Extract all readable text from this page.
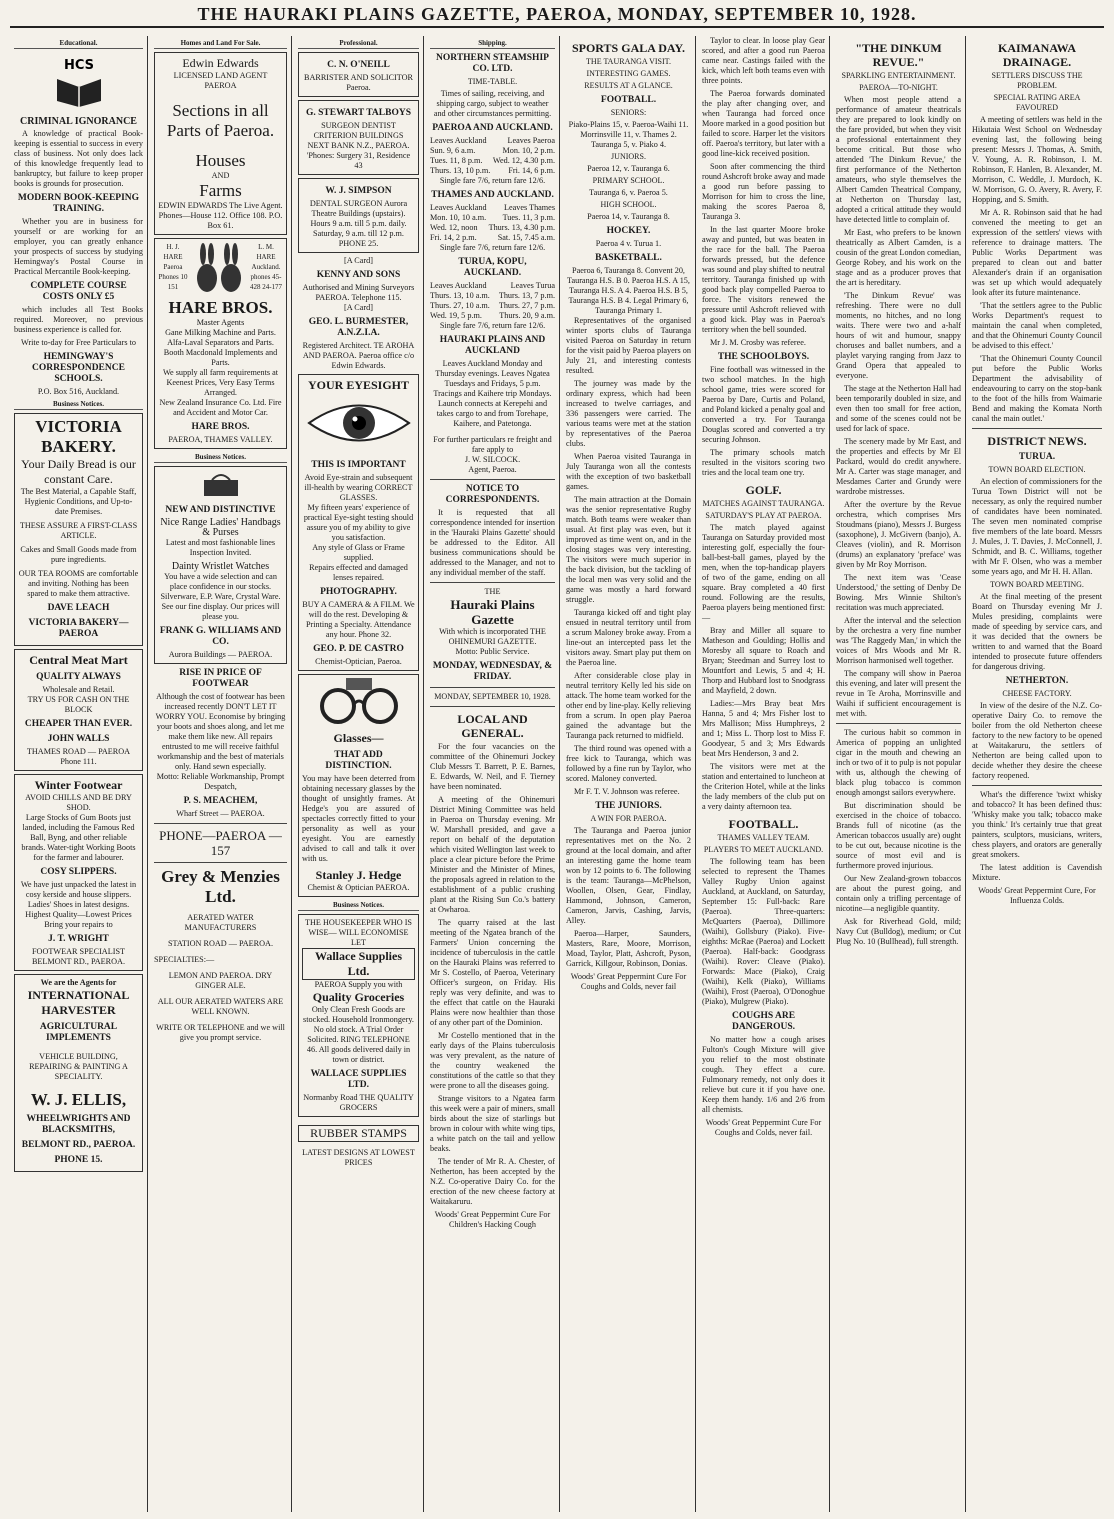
THE HAURAKI PLAINS GAZETTE, PAEROA, MONDAY, SEPTEMBER 10, 1928.
Educational.
HCS
CRIMINAL IGNORANCE

A knowledge of practical Book-keeping is essential to success in every class of business. Not only does lack of this knowledge frequently lead to bankruptcy, but failure to keep proper books is grounds for prosecution.

MODERN BOOK-KEEPING TRAINING.

Whether you are in business for yourself or are working for an employer, you can greatly enhance your prospects of success by studying Hemingway's Postal Course in Practical Mercantile Book-keeping.

COMPLETE COURSE COSTS ONLY £5

which includes all Test Books required. Moreover, no previous business experience is called for.

Write to-day for Free Particulars to
HEMINGWAY'S CORRESPONDENCE SCHOOLS.
P.O. Box 516, Auckland.
Business Notices.
VICTORIA BAKERY.
Your Daily Bread is our constant Care.
The Best Material, a Capable Staff, Hygienic Conditions, and Up-to-date Premises.
THESE ASSURE A FIRST-CLASS ARTICLE.
Cakes and Small Goods made from pure ingredients.
OUR TEA ROOMS are comfortable and inviting. Nothing has been spared to make them attractive.
DAVE LEACH
VICTORIA BAKERY—PAEROA
Central Meat Mart
QUALITY ALWAYS
Wholesale and Retail.
TRY US FOR CASH ON THE BLOCK
CHEAPER THAN EVER.
JOHN WALLS
THAMES ROAD — PAEROA
Phone 111.
Winter Footwear
AVOID CHILLS AND BE DRY SHOD.
Large Stocks of Gum Boots just landed, including the Famous Red Ball, Byng, and other reliable brands. Water-tight Working Boots for the farmer and labourer.
COSY SLIPPERS.
We have just unpacked the latest in cosy kerside and house slippers. Ladies' Shoes in latest designs. Highest Quality—Lowest Prices
Bring your repairs to
J. T. WRIGHT
FOOTWEAR SPECIALIST BELMONT RD., PAEROA.
We are the Agents for
INTERNATIONAL HARVESTER
AGRICULTURAL IMPLEMENTS
VEHICLE BUILDING, REPAIRING & PAINTING A SPECIALITY.
W. J. ELLIS,
WHEELWRIGHTS AND BLACKSMITHS,
BELMONT RD., PAEROA.
PHONE 15.
Homes and Land For Sale.
Edwin Edwards
LICENSED LAND AGENT PAEROA
Sections in all Parts of Paeroa.
Houses
AND
Farms
EDWIN EDWARDS The Live Agent.
Phones—House 112. Office 108. P.O. Box 61.
H. J. HARE Paeroa Phones 10 151
L. M. HARE Auckland. phones 45-428 24-177
HARE BROS.
Master Agents
Gane Milking Machine and Parts. Alfa-Laval Separators and Parts. Booth Macdonald Implements and Parts.
We supply all farm requirements at Keenest Prices, Very Easy Terms Arranged.
New Zealand Insurance Co. Ltd. Fire and Accident and Motor Car.
HARE BROS.
PAEROA, THAMES VALLEY.
Business Notices.
NEW AND DISTINCTIVE
Nice Range Ladies' Handbags & Purses
Latest and most fashionable lines Inspection Invited.
Dainty Wristlet Watches
You have a wide selection and can place confidence in our stocks. Silverware, E.P. Ware, Crystal Ware. See our fine display. Our prices will please you.
FRANK G. WILLIAMS AND CO.
Aurora Buildings — PAEROA.
RISE IN PRICE OF FOOTWEAR
Although the cost of footwear has been increased recently DON'T LET IT WORRY YOU. Economise by bringing your boots and shoes along, and let me make them like new. All repairs entrusted to me will receive faithful workmanship and the best of materials only. Hand sewn especially.
Motto: Reliable Workmanship, Prompt Despatch,
P. S. MEACHEM,
Wharf Street — PAEROA.
PHONE—PAEROA —157
Grey & Menzies Ltd.
AERATED WATER MANUFACTURERS
STATION ROAD — PAEROA.
SPECIALTIES:—
LEMON AND PAEROA. DRY GINGER ALE.
ALL OUR AERATED WATERS ARE WELL KNOWN.
WRITE OR TELEPHONE and we will give you prompt service.
Professional.
C. N. O'NEILL
BARRISTER AND SOLICITOR Paeroa.
G. STEWART TALBOYS
SURGEON DENTIST CRITERION BUILDINGS NEXT BANK N.Z., PAEROA.
'Phones: Surgery 31, Residence 43
W. J. SIMPSON
DENTAL SURGEON Aurora Theatre Buildings (upstairs).
Hours 9 a.m. till 5 p.m. daily. Saturday, 9 a.m. till 12 p.m.
PHONE 25.
[A Card]
KENNY AND SONS
Authorised and Mining Surveyors PAEROA. Telephone 115.
[A Card]
GEO. L. BURMESTER, A.N.Z.I.A.
Registered Architect. TE AROHA AND PAEROA. Paeroa office c/o Edwin Edwards.
YOUR EYESIGHT
THIS IS IMPORTANT
Avoid Eye-strain and subsequent ill-health by wearing CORRECT GLASSES.
My fifteen years' experience of practical Eye-sight testing should assure you of my ability to give you satisfaction.
Any style of Glass or Frame supplied.
Repairs effected and damaged lenses repaired.
PHOTOGRAPHY.
BUY A CAMERA & A FILM. We will do the rest. Developing & Printing a Specialty. Attendance any hour. Phone 32.
GEO. P. DE CASTRO
Chemist-Optician, Paeroa.
Glasses—
THAT ADD DISTINCTION.
You may have been deterred from obtaining necessary glasses by the thought of unsightly frames. At Hedge's you are assured of spectacles correctly fitted to your personality as well as your eyesight. You are earnestly advised to call and talk it over with us.
Stanley J. Hedge
Chemist & Optician PAEROA.
Business Notices.
THE HOUSEKEEPER WHO IS WISE— WILL ECONOMISE LET
Wallace Supplies Ltd.
PAEROA Supply you with
Quality Groceries
Only Clean Fresh Goods are stocked. Household Ironmongery. No old stock. A Trial Order Solicited. RING TELEPHONE 46. All goods delivered daily in town or district.
WALLACE SUPPLIES LTD.
Normanby Road THE QUALITY GROCERS
RUBBER STAMPS
LATEST DESIGNS AT LOWEST PRICES
Shipping.
NORTHERN STEAMSHIP CO. LTD.
TIME-TABLE.
Times of sailing, receiving, and shipping cargo, subject to weather and other circumstances permitting.
PAEROA AND AUCKLAND.
Leaves Auckland	Leaves Paeroa
Sun. 9, 6 a.m.	Mon. 10, 2 p.m.
Tues. 11, 8 p.m. Wed. 12, 4.30 p.m.
Thurs. 13, 10 p.m. Fri. 14, 6 p.m.
Single fare 7/6, return fare 12/6.
THAMES AND AUCKLAND.
Leaves Auckland Leaves Thames
Mon. 10, 10 a.m. Tues. 11, 3 p.m.
Wed. 12, noon Thurs. 13, 4.30 p.m.
Fri. 14, 2 p.m.	Sat. 15, 7.45 a.m.
Single fare 7/6, return fare 12/6.
TURUA, KOPU, AUCKLAND.
Leaves Auckland	Leaves Turua
Thurs. 13, 10 a.m. Thurs. 13, 7 p.m.
Thurs. 27, 10 a.m. Thurs. 27, 7 p.m.
Wed. 19, 5 p.m. Thurs. 20, 9 a.m.
Single fare 7/6, return fare 12/6.
HAURAKI PLAINS AND AUCKLAND
Leaves Auckland Monday and Thursday evenings. Leaves Ngatea Tuesdays and Fridays, 5 p.m. Tracings and Kaihere trip Mondays. Launch connects at Kerepehi and takes cargo to and from Torehape, Kaihere, and Patetonga.
For further particulars re freight and fare apply to
J. W. SILCOCK.
Agent, Paeroa.
NOTICE TO CORRESPONDENTS.

It is requested that all correspondence intended for insertion in the 'Hauraki Plains Gazette' should be addressed to the Editor. All business communications should be addressed to the Manager, and not to any individual member of the staff.

THE
Hauraki Plains Gazette
With which is incorporated THE OHINEMURI GAZETTE.
Motto: Public Service.
MONDAY, WEDNESDAY, & FRIDAY.
MONDAY, SEPTEMBER 10, 1928.
LOCAL AND GENERAL.

For the four vacancies on the committee of the Ohinemuri Jockey Club Messrs T. Barrett, P. E. Barnes, E. Edwards, W. Neil, and F. Tierney have been nominated.

A meeting of the Ohinemuri District Mining Committee was held in Paeroa on Thursday evening. Mr W. Marshall presided, and gave a report on behalf of the deputation which visited Wellington last week to place a clear picture before the Prime Minister and the Minister of Mines, the proposals agreed in relation to the establishment of a public crushing plant at the Rising Sun Co.'s battery at Owharoa.

The quarry raised at the last meeting of the Ngatea branch of the Farmers' Union concerning the incidence of tuberculosis in the cattle on the Hauraki Plains was referred to Mr S. Costello, of Paeroa, Veterinary Officer's surgeon, on Friday. His reply was very definite, and was to the effect that cattle on the Hauraki Plains were now healthier than those of any other part of the Dominion.

Mr Costello mentioned that in the early days of the Plains tuberculosis was very prevalent, as the nature of the country weakened the constitutions of the cattle so that they were prone to all the diseases going.

Strange visitors to a Ngatea farm this week were a pair of miners, small birds about the size of starlings but brown in colour with white wing tips, a white patch on the tail and yellow beaks.

The tender of Mr R. A. Chester, of Netherton, has been accepted by the N.Z. Co-operative Dairy Co. for the erection of the new cheese factory at Waitakaruru.

Woods' Great Peppermint Cure For Children's Hacking Cough
SPORTS GALA DAY.
THE TAURANGA VISIT.
INTERESTING GAMES.
RESULTS AT A GLANCE.
FOOTBALL.
SENIORS:
Piako-Plains 15, v. Paeroa-Waihi 11. Morrinsville 11, v. Thames 2. Tauranga 5, v. Piako 4.
JUNIORS.
Paeroa 12, v. Tauranga 6.
PRIMARY SCHOOL.
Tauranga 6, v. Paeroa 5.
HIGH SCHOOL.
Paeroa 14, v. Tauranga 8.
HOCKEY.
Paeroa 4 v. Turua 1.
BASKETBALL.
Paeroa 6, Tauranga 8. Convent 20, Tauranga H.S. B 0. Paeroa H.S. A 15, Tauranga H.S. A 4. Paeroa H.S. B 5, Tauranga H.S. B 4. Legal Primary 6, Tauranga Primary 1.

Representatives of the organised winter sports clubs of Tauranga visited Paeroa on Saturday in return for the visit paid by Paeroa players on July 21, and interesting contests resulted.

The journey was made by the ordinary express, which had been increased to twelve carriages, and 336 passengers were carried. The various teams were met at the station by representatives of the Paeroa clubs.

When Paeroa visited Tauranga in July Tauranga won all the contests with the exception of two basketball games.

The main attraction at the Domain was the senior representative Rugby match. Both teams were weaker than usual. At first play was even, but it improved as time went on, and in the closing stages was very interesting. The visitors were much superior in the back division, but the tackling of the local men was very solid and the game was mostly a hard forward struggle.

Tauranga kicked off and tight play ensued in neutral territory until from a scrum Maloney broke away. From a line-out an intercepted pass let the visitors away. Smart play put them on the Paeroa line.

After considerable close play in neutral territory Kelly led his side on attack. The home team worked for the other end by line-play. Kelly relieving from a scrum. In open play Paeroa gained the advantage but the Tauranga pack returned to midfield.

The third round was opened with a free kick to Tauranga, which was followed by a fine run by Taylor, who scored. Maloney converted.

Mr F. T. V. Johnson was referee.

THE JUNIORS.
A WIN FOR PAEROA.

The Tauranga and Paeroa junior representatives met on the No. 2 ground at the local domain, and after an interesting game the home team won by 12 points to 6. The following is the team: Tauranga—McPhelson, Woollen, Olsen, Gear, Findlay, Hammond, Johnson, Cameron, Cameron, Jarvis, Cashing, Jarvis, Alley.

Paeroa—Harper, Saunders, Masters, Rare, Moore, Morrison, Moad, Taylor, Platt, Ashcroft, Pyson, Garrick, Killgour, Robinson, Donias.

Woods' Great Peppermint Cure For Coughs and Colds, never fail

Taylor to clear. In loose play Gear scored, and after a good run Paeroa came near. Castings failed with the kick, which left both teams even with three points.

The Paeroa forwards dominated the play after changing over, and when Tauranga had forced once Moore marked in a good position but failed to score. Harper let the visitors off. Paeroa's territory, but later with a good line-kick received position.

Soon after commencing the third round Ashcroft broke away and made a good run before passing to Morrison for him to cross the line, making the scores Paeroa 8, Tauranga 3.

In the last quarter Moore broke away and punted, but was beaten in the race for the ball. The Paeroa forwards pressed, but the defence was sound and play shifted to neutral territory. Tauranga finished up with good back play compelled Paeroa to force. The visitors renewed the pressure until Ashcroft relieved with a good kick. Play was in Paeroa's territory when the bell sounded.

Mr J. M. Crosby was referee.

THE SCHOOLBOYS.

Fine football was witnessed in the two school matches. In the high school game, tries were scored for Paeroa by Dare, Curtis and Poland, and Poland kicked a penalty goal and converted a try. For Tauranga Douglas scored and converted a try securing Johnson.

The primary schools match resulted in the visitors scoring two tries and the local team one try.

GOLF.
MATCHES AGAINST TAURANGA.
SATURDAY'S PLAY AT PAEROA.

The match played against Tauranga on Saturday provided most interesting golf, especially the four-ball-best-ball games, played by the men, when the top-handicap players of two of the game, ending on all square. Bray completed a 40 first round. Following are the results, Paeroa players being mentioned first:—

Bray and Miller all square to Matheson and Goulding; Hollis and Moresby all square to Roach and Bryan; Steedman and Surrey lost to Mountfort and Lewis, 5 and 4; H. Thorp and Hubbard lost to Snodgrass and Mayfield, 2 down.

Ladies:—Mrs Bray beat Mrs Hanna, 5 and 4; Mrs Fisher lost to Mrs Mallison; Miss Humphreys, 2 and 1; Miss L. Thorp lost to Miss F. Goodyear, 5 and 3; Mrs Edwards beat Mrs Henderson, 3 and 2.

The visitors were met at the station and entertained to luncheon at the Criterion Hotel, while at the links the lady members of the club put on a very dainty afternoon tea.

FOOTBALL.
THAMES VALLEY TEAM.
PLAYERS TO MEET AUCKLAND.

The following team has been selected to represent the Thames Valley Rugby Union against Auckland, at Auckland, on Saturday, September 15: Full-back: Rare (Paeroa). Three-quarters: McQuarters (Paeroa), Dillimore (Waihi), Gollsbury (Piako). Five-eighths: McRae (Paeroa) and Lockett (Paeroa). Half-back: Goodgrass (Waihi). Rover: Cleave (Piako). Forwards: Mace (Piako), Craig (Waihi), Kelk (Piako), Williams (Waihi), Frost (Paeroa), O'Donoghue (Piako), Mulgrew (Piako).

COUGHS ARE DANGEROUS.

No matter how a cough arises Fulton's Cough Mixture will give you relief to the most obstinate cough. They effect a cure. Fulmonary remedy, not only does it relieve but cure it if you have one. Keep them handy. 1/6 and 2/6 from all chemists.

Woods' Great Peppermint Cure For Coughs and Colds, never fail.
"THE DINKUM REVUE."
SPARKLING ENTERTAINMENT.
PAEROA—TO-NIGHT.

When most people attend a performance of amateur theatricals they are prepared to look kindly on the fare provided, but when they visit a professional entertainment they become critical. But those who attended 'The Dinkum Revue,' the first performance of the Netherton amateurs, who style themselves the Albert Camden Theatrical Company, at Netherton on Thursday last, adopted a critical attitude they would have detected little to complain of.

Mr East, who prefers to be known theatrically as Albert Camden, is a cousin of the great London comedian, George Robey, and his work on the stage and as a producer proves that the art is hereditary.

'The Dinkum Revue' was refreshing. There were no dull moments, no hitches, and no long waits. There were two and a-half hours of wit and humour, snappy choruses and ballet numbers, and a playlet varying ranging from Jazz to Grand Opera that appealed to everyone.

The stage at the Netherton Hall had been temporarily doubled in size, and even then too small for free action, and some of the scenes could not be used for lack of space.

The scenery made by Mr East, and the properties and effects by Mr El Packard, would do credit anywhere. Mr A. Carter was stage manager, and Mesdames Carter and Grundy were wardrobe mistresses.

After the overture by the Revue orchestra, which comprises Mrs Stoudmans (piano), Messrs J. Burgess (saxophone), J. McGivern (banjo), A. Cleaves (violin), and R. Morrison (drums) an explanatory 'preface' was given by Mr Roy Morrison.

The next item was 'Cease Understood,' the setting of Denby De Bowing. Mrs Winnie Shilton's recitation was much appreciated.

After the interval and the selection by the orchestra a very fine number was 'The Raggedy Man,' in which the voices of Mrs Woods and Mr R. Morrison harmonised well together.

The company will show in Paeroa this evening, and later will present the revue in Te Aroha, Morrinsville and Waihi if sufficient encouragement is met with.

The curious habit so common in America of popping an unlighted cigar in the mouth and chewing an inch or two of it to pulp is not popular with us, although the chewing of black plug tobacco is common enough amongst sailors everywhere.

But discrimination should be exercised in the choice of tobacco. Brands full of nicotine (as the American tobaccos usually are) ought to be cut out, because nicotine is the source of most evil and is furthermore proved injurious.

Our New Zealand-grown tobaccos are about the purest going, and contain only a trifling percentage of nicotine—a negligible quantity.

Ask for Riverhead Gold, mild; Navy Cut (Bulldog), medium; or Cut Plug No. 10 (Bullhead), full strength.

KAIMANAWA DRAINAGE.
SETTLERS DISCUSS THE PROBLEM.
SPECIAL RATING AREA FAVOURED

A meeting of settlers was held in the Hikutaia West School on Wednesday evening last, the following being present: Messrs J. Thomas, A. Smith, V. Young, A. R. Robinson, I. M. Robinson, F. Hanlen, B. Alexander, M. Morrison, C. Weddle, J. Murdoch, K. W. Morrison, G. O. Avery, R. Avery, F. Hopping, and S. Smith.

Mr A. R. Robinson said that he had convened the meeting to get an expression of the settlers' views with reference to drainage matters. The Public Works Department was prepared to clean out and batter Alexander's drain if an organisation was set up which would adequately look after its future maintenance.

'That the settlers agree to the Public Works Department's request to maintain the canal when completed, and that the Ohinemuri County Council be advised to this effect.'

'That the Ohinemuri County Council put before the Public Works Department the advisability of endeavouring to carry on the stop-bank to the foot of the hills from Waimarie Bend and making the Komata North canal the main outlet.'

DISTRICT NEWS.
TURUA.
TOWN BOARD ELECTION.

An election of commissioners for the Turua Town District will not be necessary, as only the required number of candidates have been nominated. The seven men nominated comprise five members of the late board. Messrs J. Mules, J. T. Davies, J. McConnell, J. Schmidt, and B. C. Williams, together with Mr F. Olsen, who was a member some years ago, and Mr H. H. Allan.

TOWN BOARD MEETING.

At the final meeting of the present Board on Thursday evening Mr J. Mules presiding, complaints were made of speeding by service cars, and it was decided that the owners be written to and warned that the Board intended to prosecute future offenders for dangerous driving.

NETHERTON.
CHEESE FACTORY.

In view of the desire of the N.Z. Co-operative Dairy Co. to remove the boiler from the old Netherton cheese factory to the new factory to be opened at Waitakaruru, the settlers of Netherton are being called upon to decide whether they desire the cheese factory reopened.

What's the difference 'twixt whisky and tobacco? It has been defined thus: 'Whisky make you talk; tobacco make you think.' It's certainly true that great painters, sculptors, musicians, writers, chess players, and orators are generally great smokers.

The latest addition is Cavendish Mixture.

Woods' Great Peppermint Cure, For Influenza Colds.
